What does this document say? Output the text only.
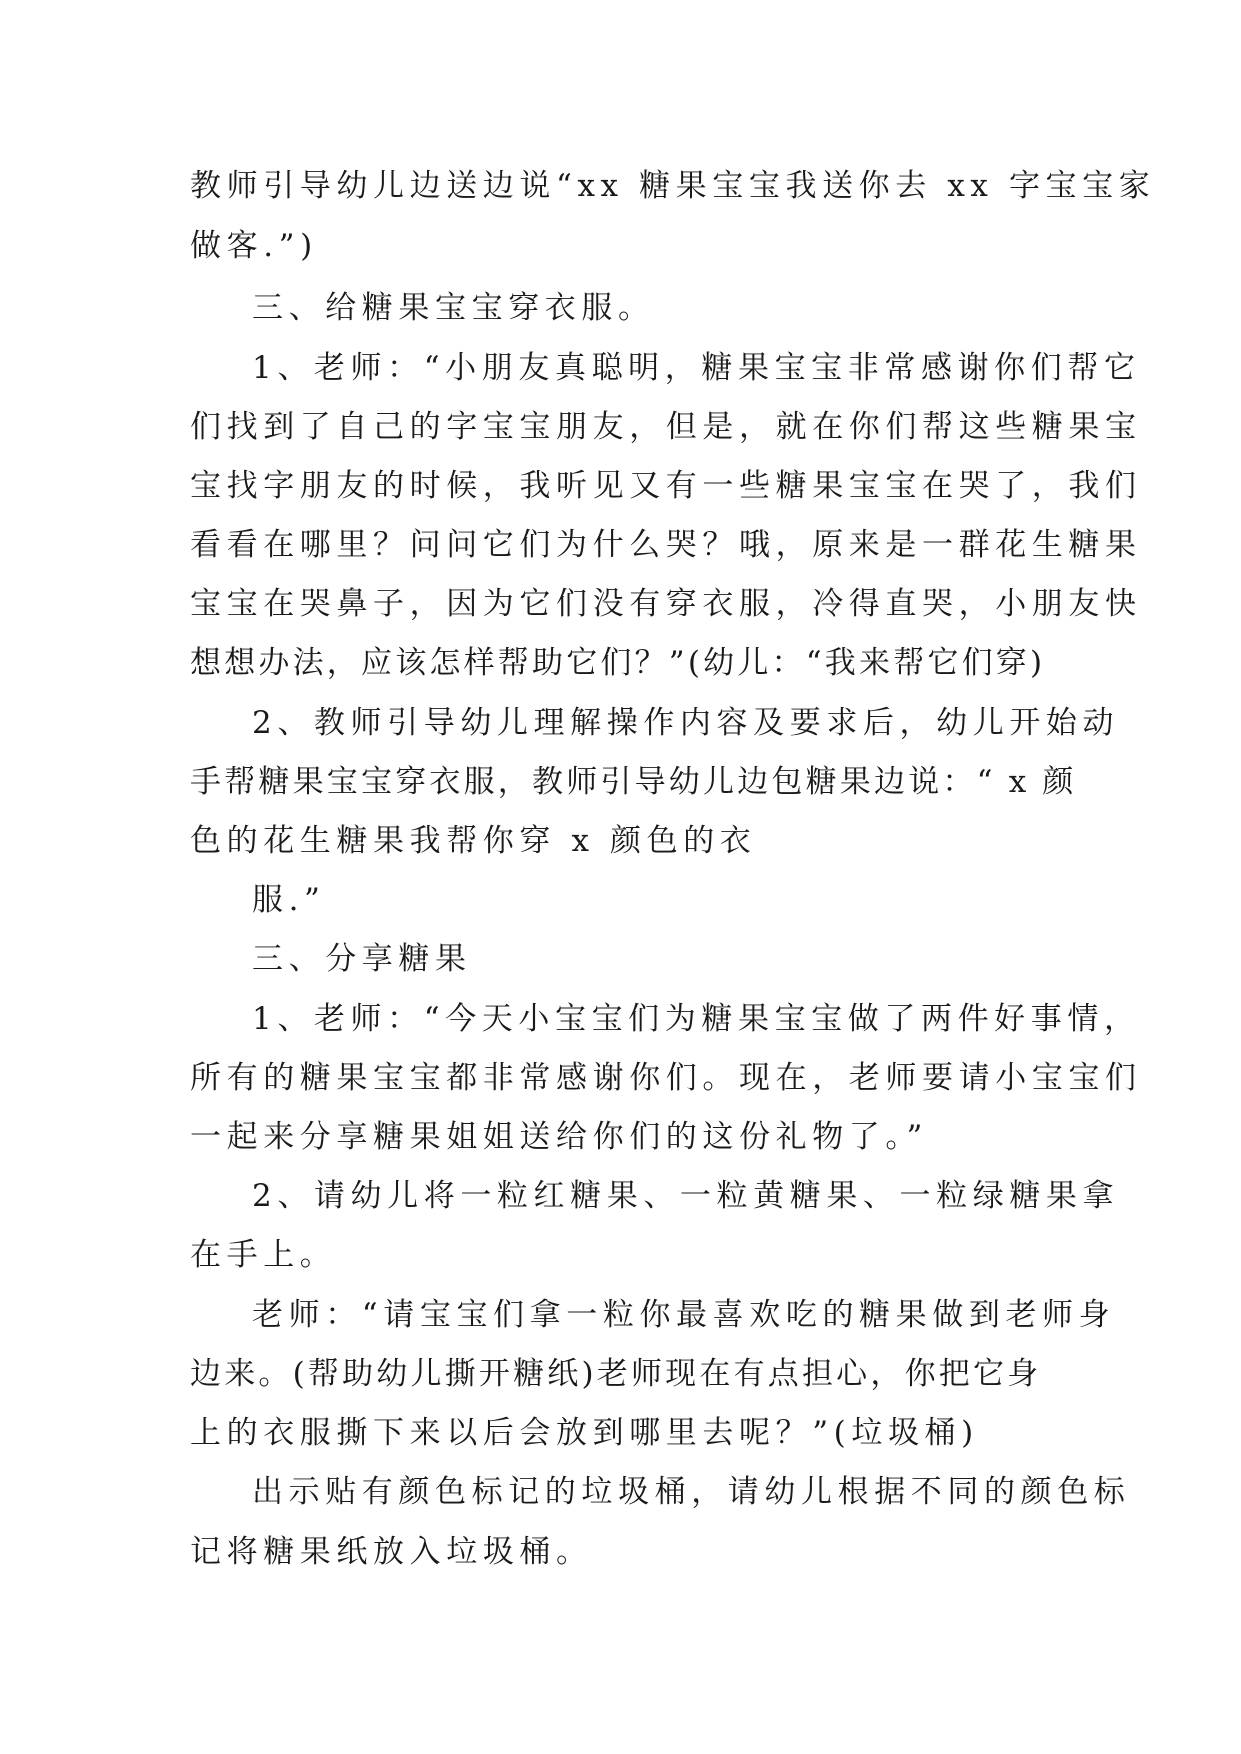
教师引导幼儿边送边说“xx 糖果宝宝我送你去 xx 字宝宝家

做客.”)

三、给糖果宝宝穿衣服。

1、老师：“小朋友真聪明，糖果宝宝非常感谢你们帮它

们找到了自己的字宝宝朋友，但是，就在你们帮这些糖果宝

宝找字朋友的时候，我听见又有一些糖果宝宝在哭了，我们

看看在哪里？问问它们为什么哭？哦，原来是一群花生糖果

宝宝在哭鼻子，因为它们没有穿衣服，冷得直哭，小朋友快

想想办法，应该怎样帮助它们？”(幼儿：“我来帮它们穿)

2、教师引导幼儿理解操作内容及要求后，幼儿开始动

手帮糖果宝宝穿衣服，教师引导幼儿边包糖果边说：“ x 颜

色的花生糖果我帮你穿 x 颜色的衣

服.”

三、分享糖果

1、老师：“今天小宝宝们为糖果宝宝做了两件好事情，

所有的糖果宝宝都非常感谢你们。现在，老师要请小宝宝们

一起来分享糖果姐姐送给你们的这份礼物了。”

2、请幼儿将一粒红糖果、一粒黄糖果、一粒绿糖果拿

在手上。

老师：“请宝宝们拿一粒你最喜欢吃的糖果做到老师身

边来。(帮助幼儿撕开糖纸)老师现在有点担心，你把它身

上的衣服撕下来以后会放到哪里去呢？”(垃圾桶)

出示贴有颜色标记的垃圾桶，请幼儿根据不同的颜色标

记将糖果纸放入垃圾桶。
